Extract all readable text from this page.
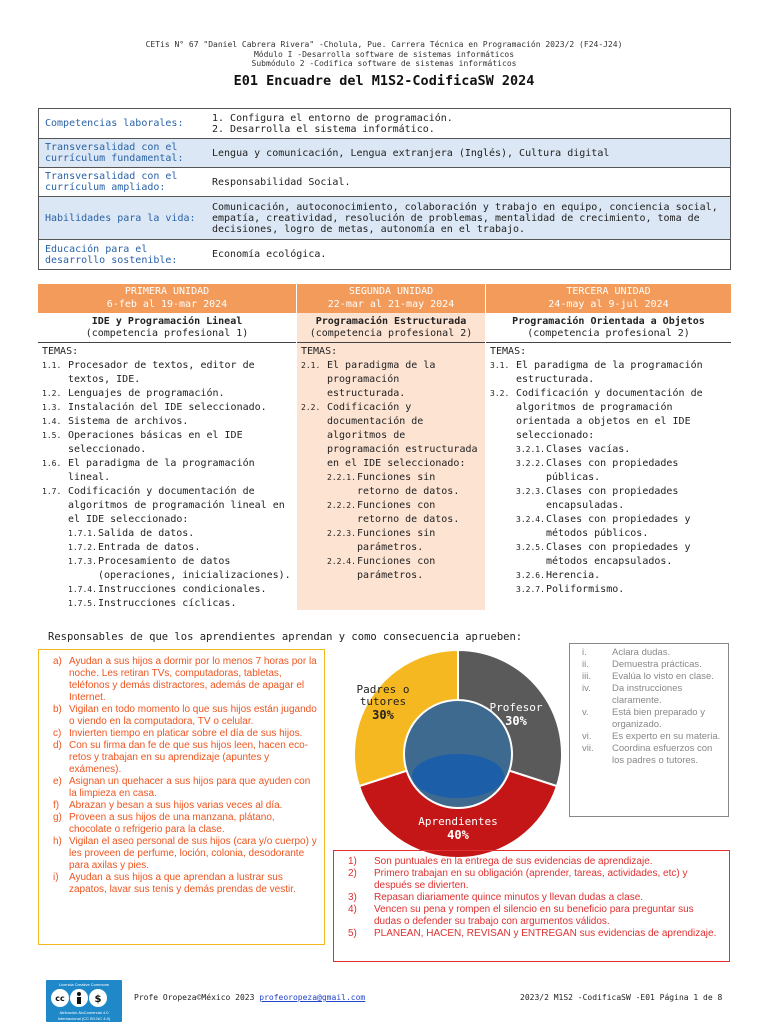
CETis N° 67 "Daniel Cabrera Rivera" -Cholula, Pue. Carrera Técnica en Programación 2023/2 (F24-J24)
Módulo I -Desarrolla software de sistemas informáticos
Submódulo 2 -Codifica software de sistemas informáticos
E01 Encuadre del M1S2-CodificaSW 2024
Competencias laborales:	1. Configura el entorno de programación.
2. Desarrolla el sistema informático.

Transversalidad con el currículum fundamental:	Lengua y comunicación, Lengua extranjera (Inglés), Cultura digital
Transversalidad con el currículum ampliado:	Responsabilidad Social.
Habilidades para la vida:	Comunicación, autoconocimiento, colaboración y trabajo en equipo, conciencia social,
empatía, creatividad, resolución de problemas, mentalidad de crecimiento, toma de
decisiones, logro de metas, autonomía en el trabajo.

Educación para el desarrollo sostenible:	Economía ecológica.
PRIMERA UNIDAD
6-feb al 19-mar 2024
IDE y Programación Lineal
(competencia profesional 1)
TEMAS:
1.1. Procesador de textos, editor de textos, IDE.
1.2. Lenguajes de programación.
1.3. Instalación del IDE seleccionado.
1.4. Sistema de archivos.
1.5. Operaciones básicas en el IDE seleccionado.
1.6. El paradigma de la programación lineal.
1.7. Codificación y documentación de algoritmos de programación lineal en el IDE seleccionado:
1.7.1. Salida de datos.
1.7.2. Entrada de datos.
1.7.3. Procesamiento de datos (operaciones, inicializaciones).
1.7.4. Instrucciones condicionales.
1.7.5. Instrucciones cíclicas.
SEGUNDA UNIDAD
22-mar al 21-may 2024
Programación Estructurada
(competencia profesional 2)
TEMAS:
2.1. El paradigma de la programación estructurada.
2.2. Codificación y documentación de algoritmos de programación estructurada en el IDE seleccionado:
2.2.1. Funciones sin retorno de datos.
2.2.2. Funciones con retorno de datos.
2.2.3. Funciones sin parámetros.
2.2.4. Funciones con parámetros.
TERCERA UNIDAD
24-may al 9-jul 2024
Programación Orientada a Objetos
(competencia profesional 2)
TEMAS:
3.1. El paradigma de la programación estructurada.
3.2. Codificación y documentación de algoritmos de programación orientada a objetos en el IDE seleccionado:
3.2.1. Clases vacías.
3.2.2. Clases con propiedades públicas.
3.2.3. Clases con propiedades encapsuladas.
3.2.4. Clases con propiedades y métodos públicos.
3.2.5. Clases con propiedades y métodos encapsulados.
3.2.6. Herencia.
3.2.7. Poliformismo.
Responsables de que los aprendientes aprendan y como consecuencia aprueben:
a) Ayudan a sus hijos a dormir por lo menos 7 horas por la noche. Les retiran TVs, computadoras, tabletas, teléfonos y demás distractores, además de apagar el Internet.
b) Vigilan en todo momento lo que sus hijos están jugando o viendo en la computadora, TV o celular.
c) Invierten tiempo en platicar sobre el día de sus hijos.
d) Con su firma dan fe de que sus hijos leen, hacen eco-retos y trabajan en su aprendizaje (apuntes y exámenes).
e) Asignan un quehacer a sus hijos para que ayuden con la limpieza en casa.
f) Abrazan y besan a sus hijos varias veces al día.
g) Proveen a sus hijos de una manzana, plátano, chocolate o refrigerio para la clase.
h) Vigilan el aseo personal de sus hijos (cara y/o cuerpo) y les proveen de perfume, loción, colonia, desodorante para axilas y pies.
i) Ayudan a sus hijos a que aprendan a lustrar sus zapatos, lavar sus tenis y demás prendas de vestir.
Profesor
30%
Aprendientes
40%
Padres o
tutores
30%
i.	Aclara dudas.
ii. Demuestra prácticas.
iii. Evalúa lo visto en clase.
iv. Da instrucciones claramente.
v. Está bien preparado y organizado.
vi. Es experto en su materia.
vii. Coordina esfuerzos con los padres o tutores.
1) Son puntuales en la entrega de sus evidencias de aprendizaje.
2) Primero trabajan en su obligación (aprender, tareas, actividades, etc) y después se divierten.
3) Repasan diariamente quince minutos y llevan dudas a clase.
4) Vencen su pena y rompen el silencio en su beneficio para preguntar sus dudas o defender su trabajo con argumentos válidos.
5) PLANEAN, HACEN, REVISAN y ENTREGAN sus evidencias de aprendizaje.
Licencia Creative Commons
cc	$
Atribución-NoComercial 4.0
Internacional (CC BY-NC 4.0)
Profe Oropeza©México 2023 profeoropeza@gmail.com	2023/2 M1S2 -CodificaSW -E01 Página 1 de 8
